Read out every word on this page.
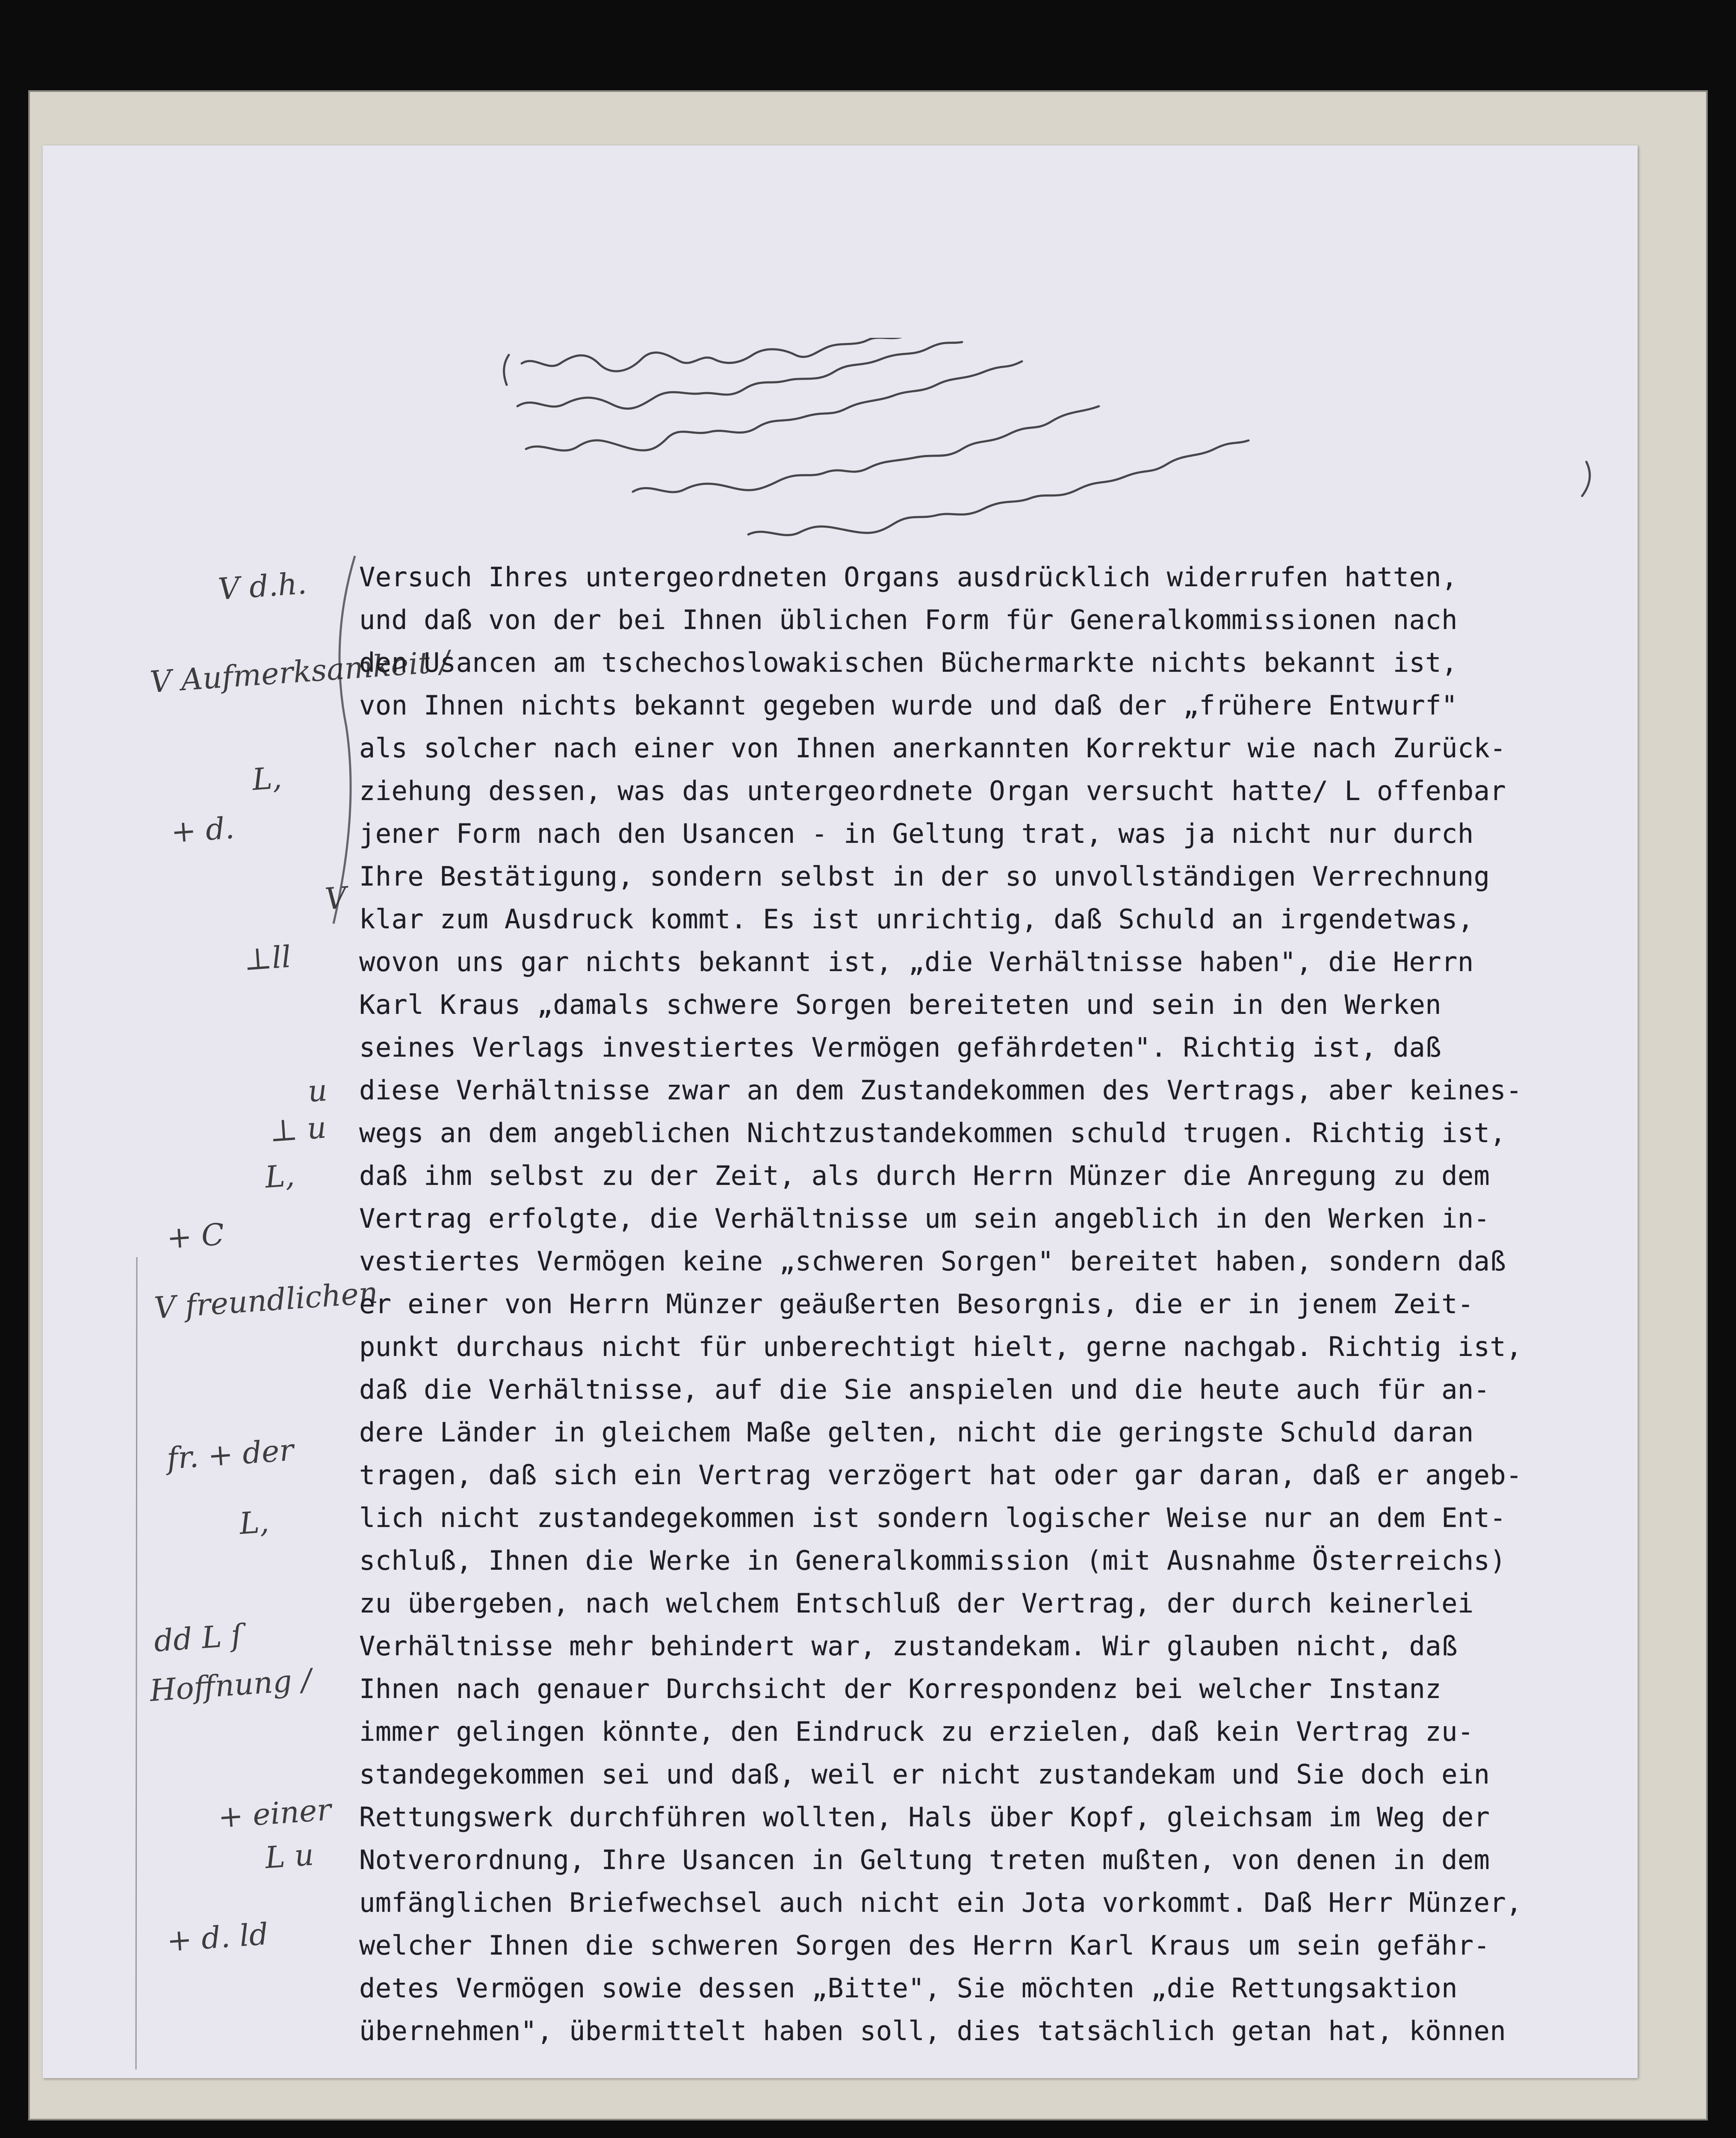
V d.h.
V Aufmerksamkeit /
L,
+ d.
V
⊥ll
u
⊥ u
L,
+ C
V freundlichen
fr. + der
L,
dd L ſ
Hoffnung /
+ einer
L u
+ d. ld
Versuch Ihres untergeordneten Organs ausdrücklich widerrufen hatten,
und daß von der bei Ihnen üblichen Form für Generalkommissionen nach
den Usancen am tschechoslowakischen Büchermarkte nichts bekannt ist,
von Ihnen nichts bekannt gegeben wurde und daß der „frühere Entwurf"
als solcher nach einer von Ihnen anerkannten Korrektur wie nach Zurück-
ziehung dessen, was das untergeordnete Organ versucht hatte/ L offenbar
jener Form nach den Usancen - in Geltung trat, was ja nicht nur durch
Ihre Bestätigung, sondern selbst in der so unvollständigen Verrechnung
klar zum Ausdruck kommt. Es ist unrichtig, daß Schuld an irgendetwas,
wovon uns gar nichts bekannt ist, „die Verhältnisse haben", die Herrn
Karl Kraus „damals schwere Sorgen bereiteten und sein in den Werken
seines Verlags investiertes Vermögen gefährdeten". Richtig ist, daß
diese Verhältnisse zwar an dem Zustandekommen des Vertrags, aber keines-
wegs an dem angeblichen Nichtzustandekommen schuld trugen. Richtig ist,
daß ihm selbst zu der Zeit, als durch Herrn Münzer die Anregung zu dem
Vertrag erfolgte, die Verhältnisse um sein angeblich in den Werken in-
vestiertes Vermögen keine „schweren Sorgen" bereitet haben, sondern daß
er einer von Herrn Münzer geäußerten Besorgnis, die er in jenem Zeit-
punkt durchaus nicht für unberechtigt hielt, gerne nachgab. Richtig ist,
daß die Verhältnisse, auf die Sie anspielen und die heute auch für an-
dere Länder in gleichem Maße gelten, nicht die geringste Schuld daran
tragen, daß sich ein Vertrag verzögert hat oder gar daran, daß er angeb-
lich nicht zustandegekommen ist sondern logischer Weise nur an dem Ent-
schluß, Ihnen die Werke in Generalkommission (mit Ausnahme Österreichs)
zu übergeben, nach welchem Entschluß der Vertrag, der durch keinerlei
Verhältnisse mehr behindert war, zustandekam. Wir glauben nicht, daß
Ihnen nach genauer Durchsicht der Korrespondenz bei welcher Instanz
immer gelingen könnte, den Eindruck zu erzielen, daß kein Vertrag zu-
standegekommen sei und daß, weil er nicht zustandekam und Sie doch ein
Rettungswerk durchführen wollten, Hals über Kopf, gleichsam im Weg der
Notverordnung, Ihre Usancen in Geltung treten mußten, von denen in dem
umfänglichen Briefwechsel auch nicht ein Jota vorkommt. Daß Herr Münzer,
welcher Ihnen die schweren Sorgen des Herrn Karl Kraus um sein gefähr-
detes Vermögen sowie dessen „Bitte", Sie möchten „die Rettungsaktion
übernehmen", übermittelt haben soll, dies tatsächlich getan hat, können
